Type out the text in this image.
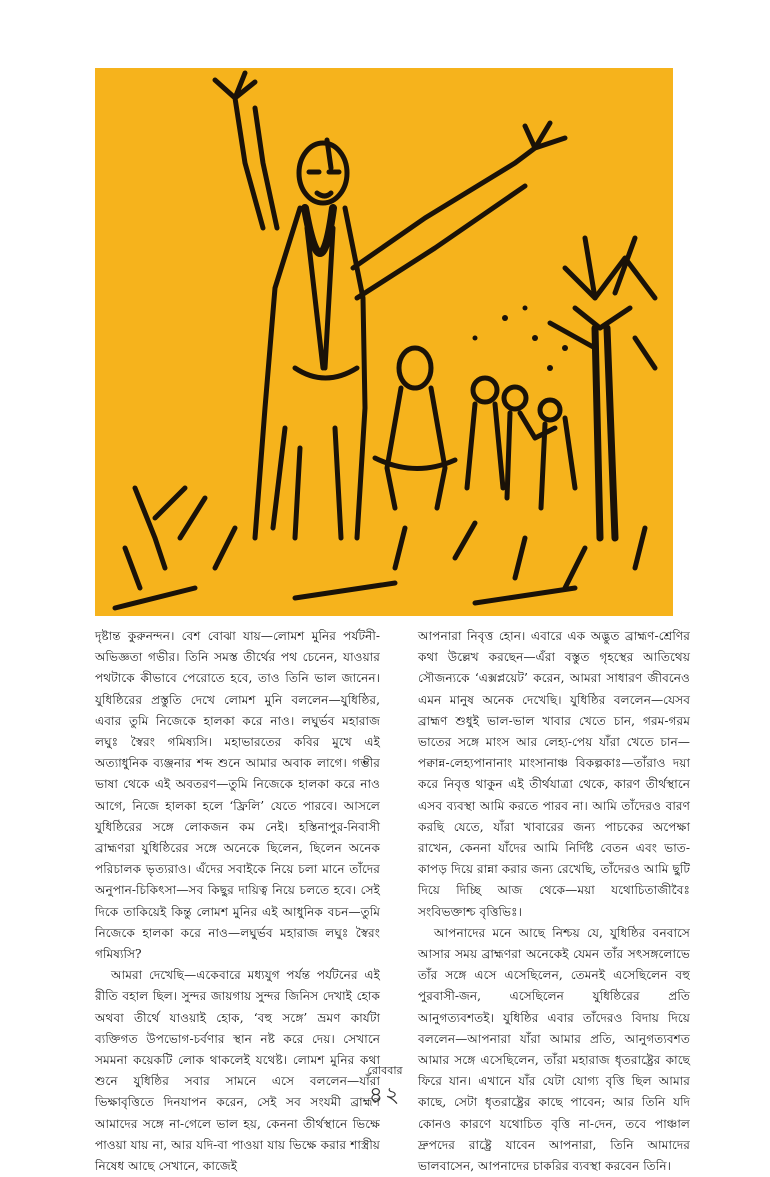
দৃষ্টান্ত কুরুনন্দন। বেশ বোঝা যায়—লোমশ মুনির পর্যটনী-অভিজ্ঞতা গভীর। তিনি সমস্ত তীর্থের পথ চেনেন, যাওয়ার পথটাকে কীভাবে পেরোতে হবে, তাও তিনি ভাল জানেন। যুধিষ্ঠিরের প্রস্তুতি দেখে লোমশ মুনি বললেন—যুধিষ্ঠির, এবার তুমি নিজেকে হালকা করে নাও। লঘুর্ভব মহারাজ লঘুঃ স্বৈরং গমিষ্যসি। মহাভারতের কবির মুখে এই অত্যাধুনিক ব্যঞ্জনার শব্দ শুনে আমার অবাক লাগে। গম্ভীর ভাষা থেকে এই অবতরণ—তুমি নিজেকে হালকা করে নাও আগে, নিজে হালকা হলে ‘ফ্রিলি’ যেতে পারবে। আসলে যুধিষ্ঠিরের সঙ্গে লোকজন কম নেই। হস্তিনাপুর-নিবাসী ব্রাহ্মণরা যুধিষ্ঠিরের সঙ্গে অনেকে ছিলেন, ছিলেন অনেক পরিচালক ভৃত্যরাও। এঁদের সবাইকে নিয়ে চলা মানে তাঁদের অনুপান-চিকিৎসা—সব কিছুর দায়িত্ব নিয়ে চলতে হবে। সেই দিকে তাকিয়েই কিন্তু লোমশ মুনির এই আধুনিক বচন—তুমি নিজেকে হালকা করে নাও—লঘুর্ভব মহারাজ লঘুঃ স্বৈরং গমিষ্যসি?

আমরা দেখেছি—একেবারে মধ্যযুগ পর্যন্ত পর্যটনের এই রীতি বহাল ছিল। সুন্দর জায়গায় সুন্দর জিনিস দেখাই হোক অথবা তীর্থে যাওয়াই হোক, ‘বহু সঙ্গে’ ভ্রমণ কার্যটা ব্যক্তিগত উপভোগ-চর্বণার স্থান নষ্ট করে দেয়। সেখানে সমমনা কয়েকটি লোক থাকলেই যথেষ্ট। লোমশ মুনির কথা শুনে যুধিষ্ঠির সবার সামনে এসে বললেন—যাঁরা ভিক্ষাবৃত্তিতে দিনযাপন করেন, সেই সব সংযমী ব্রাহ্মণ আমাদের সঙ্গে না-গেলে ভাল হয়, কেননা তীর্থস্থানে ভিক্ষে পাওয়া যায় না, আর যদি-বা পাওয়া যায় ভিক্ষে করার শাস্ত্রীয় নিষেধ আছে সেখানে, কাজেই

আপনারা নিবৃত্ত হোন। এবারে এক অদ্ভুত ব্রাহ্মণ-শ্রেণির কথা উল্লেখ করছেন—এঁরা বস্তুত গৃহস্থের আতিথেয় সৌজন্যকে ‘এক্সপ্লয়েট’ করেন, আমরা সাধারণ জীবনেও এমন মানুষ অনেক দেখেছি। যুধিষ্ঠির বললেন—যেসব ব্রাহ্মণ শুধুই ভাল-ভাল খাবার খেতে চান, গরম-গরম ভাতের সঙ্গে মাংস আর লেহ্য-পেয় যাঁরা খেতে চান—পক্বান্ন-লেহ্যপানানাং মাংসানাঞ্চ বিকল্পকাঃ—তাঁরাও দয়া করে নিবৃত্ত থাকুন এই তীর্থযাত্রা থেকে, কারণ তীর্থস্থানে এসব ব্যবস্থা আমি করতে পারব না। আমি তাঁদেরও বারণ করছি যেতে, যাঁরা খাবারের জন্য পাচকের অপেক্ষা রাখেন, কেননা যাঁদের আমি নির্দিষ্ট বেতন এবং ভাত-কাপড় দিয়ে রান্না করার জন্য রেখেছি, তাঁদেরও আমি ছুটি দিয়ে দিচ্ছি আজ থেকে—ময়া যথোচিতাজীবৈঃ সংবিভক্তাশ্চ বৃত্তিভিঃ।

আপনাদের মনে আছে নিশ্চয় যে, যুধিষ্ঠির বনবাসে আসার সময় ব্রাহ্মণরা অনেকেই যেমন তাঁর সৎসঙ্গলোভে তাঁর সঙ্গে এসে এসেছিলেন, তেমনই এসেছিলেন বহু পুরবাসী-জন, এসেছিলেন যুধিষ্ঠিরের প্রতি আনুগত্যবশতই। যুধিষ্ঠির এবার তাঁদেরও বিদায় দিয়ে বললেন—আপনারা যাঁরা আমার প্রতি, আনুগত্যবশত আমার সঙ্গে এসেছিলেন, তাঁরা মহারাজ ধৃতরাষ্ট্রের কাছে ফিরে যান। এখানে যাঁর যেটা যোগ্য বৃত্তি ছিল আমার কাছে, সেটা ধৃতরাষ্ট্রের কাছে পাবেন; আর তিনি যদি কোনও কারণে যথোচিত বৃত্তি না-দেন, তবে পাঞ্চাল দ্রুপদের রাষ্ট্রে যাবেন আপনারা, তিনি আমাদের ভালবাসেন, আপনাদের চাকরির ব্যবস্থা করবেন তিনি।

রোববার
৪২
